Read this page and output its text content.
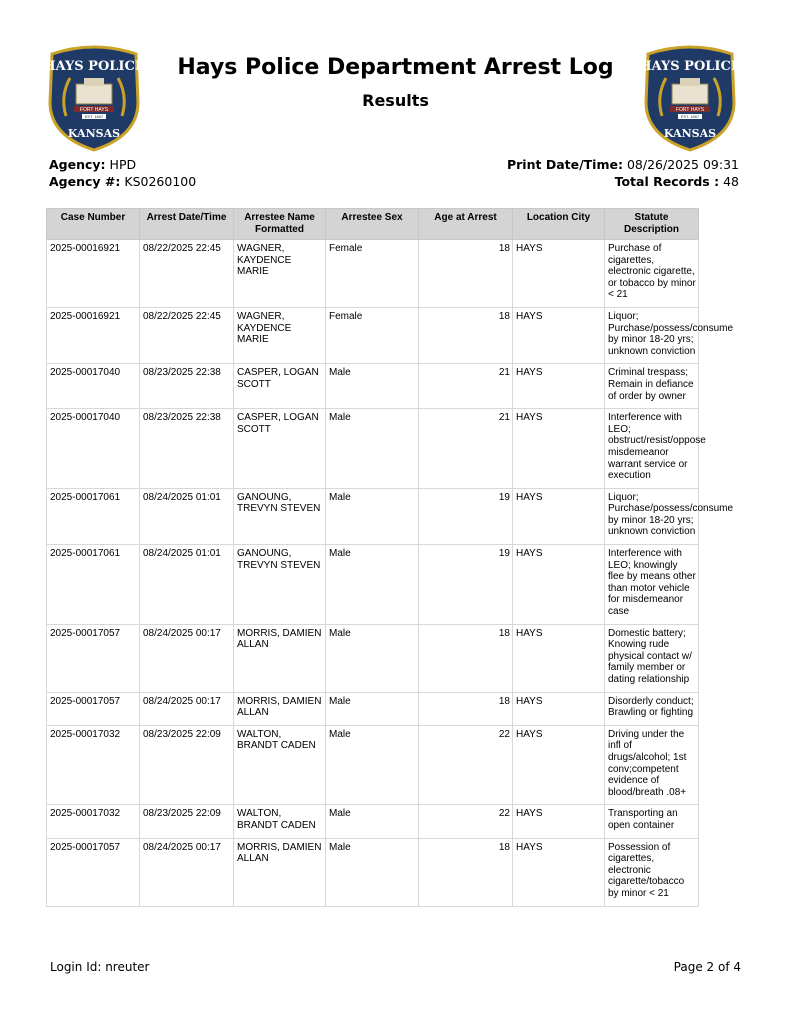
HAYS POLICE
FORT HAYS
EST. 1867
KANSAS
HAYS POLICE
FORT HAYS
EST. 1867
KANSAS
Hays Police Department Arrest Log
Results
Agency: HPD
Agency #: KS0260100
Print Date/Time: 08/26/2025 09:31
Total Records : 48
Case Number	Arrest Date/Time	Arrestee Name Formatted	Arrestee Sex	Age at Arrest	Location City	Statute Description
2025-00016921	08/22/2025 22:45	WAGNER, KAYDENCE MARIE	Female	18	HAYS	Purchase of cigarettes, electronic cigarette, or tobacco by minor < 21
2025-00016921	08/22/2025 22:45	WAGNER, KAYDENCE MARIE	Female	18	HAYS	Liquor; Purchase/possess/consume by minor 18-20 yrs; unknown conviction
2025-00017040	08/23/2025 22:38	CASPER, LOGAN SCOTT	Male	21	HAYS	Criminal trespass; Remain in defiance of order by owner
2025-00017040	08/23/2025 22:38	CASPER, LOGAN SCOTT	Male	21	HAYS	Interference with LEO; obstruct/resist/oppose misdemeanor warrant service or execution
2025-00017061	08/24/2025 01:01	GANOUNG, TREVYN STEVEN	Male	19	HAYS	Liquor; Purchase/possess/consume by minor 18-20 yrs; unknown conviction
2025-00017061	08/24/2025 01:01	GANOUNG, TREVYN STEVEN	Male	19	HAYS	Interference with LEO; knowingly flee by means other than motor vehicle for misdemeanor case
2025-00017057	08/24/2025 00:17	MORRIS, DAMIEN ALLAN	Male	18	HAYS	Domestic battery; Knowing rude physical contact w/ family member or dating relationship
2025-00017057	08/24/2025 00:17	MORRIS, DAMIEN ALLAN	Male	18	HAYS	Disorderly conduct; Brawling or fighting
2025-00017032	08/23/2025 22:09	WALTON, BRANDT CADEN	Male	22	HAYS	Driving under the infl of drugs/alcohol; 1st conv;competent evidence of blood/breath .08+
2025-00017032	08/23/2025 22:09	WALTON, BRANDT CADEN	Male	22	HAYS	Transporting an open container
2025-00017057	08/24/2025 00:17	MORRIS, DAMIEN ALLAN	Male	18	HAYS	Possession of cigarettes, electronic cigarette/tobacco by minor < 21
Login Id: nreuter	Page 2 of 4
